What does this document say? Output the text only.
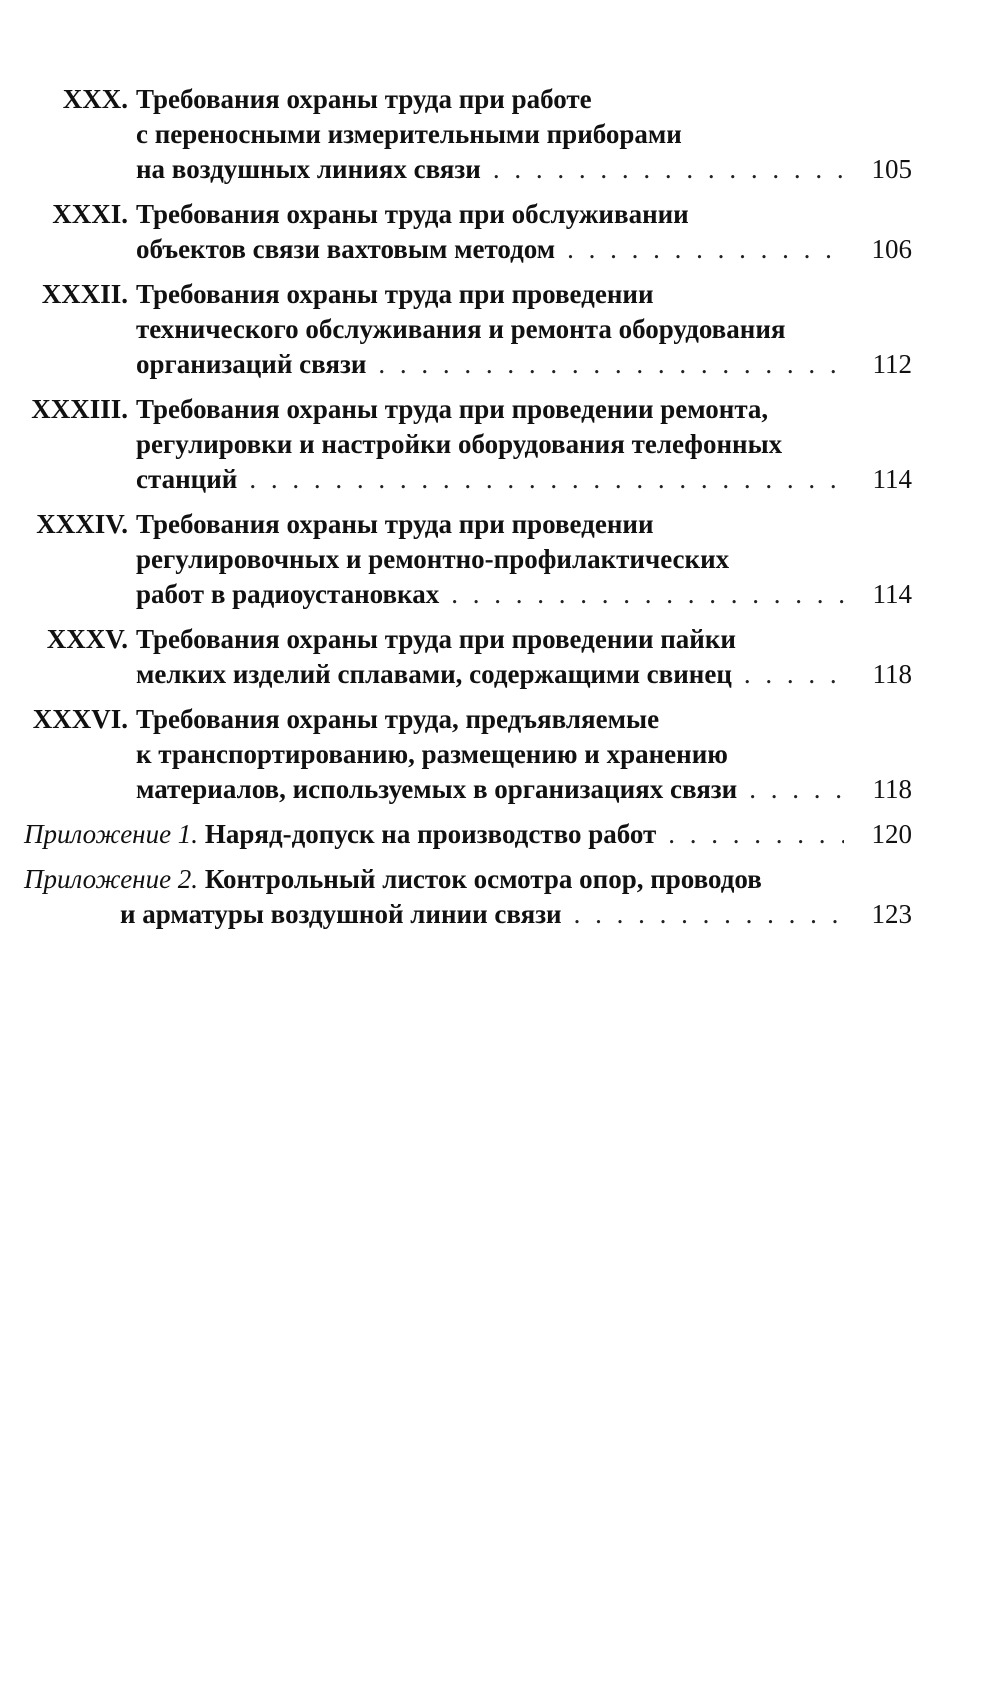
XXX. Требования охраны труда при работе
с переносными измерительными приборами
на воздушных линиях связи . . .	105
XXXI. Требования охраны труда при обслуживании
объектов связи вахтовым методом . . .	106
XXXII. Требования охраны труда при проведении
технического обслуживания и ремонта оборудования
организаций связи . . .	112
XXXIII. Требования охраны труда при проведении ремонта,
регулировки и настройки оборудования телефонных
станций . . .	114
XXXIV. Требования охраны труда при проведении
регулировочных и ремонтно-профилактических
работ в радиоустановках . . .	114
XXXV. Требования охраны труда при проведении пайки
мелких изделий сплавами, содержащими свинец . . .	118
XXXVI. Требования охраны труда, предъявляемые
к транспортированию, размещению и хранению
материалов, используемых в организациях связи . . .	118
Приложение 1. Наряд-допуск на производство работ . . .	120
Приложение 2. Контрольный листок осмотра опор, проводов
и арматуры воздушной линии связи . . .	123
